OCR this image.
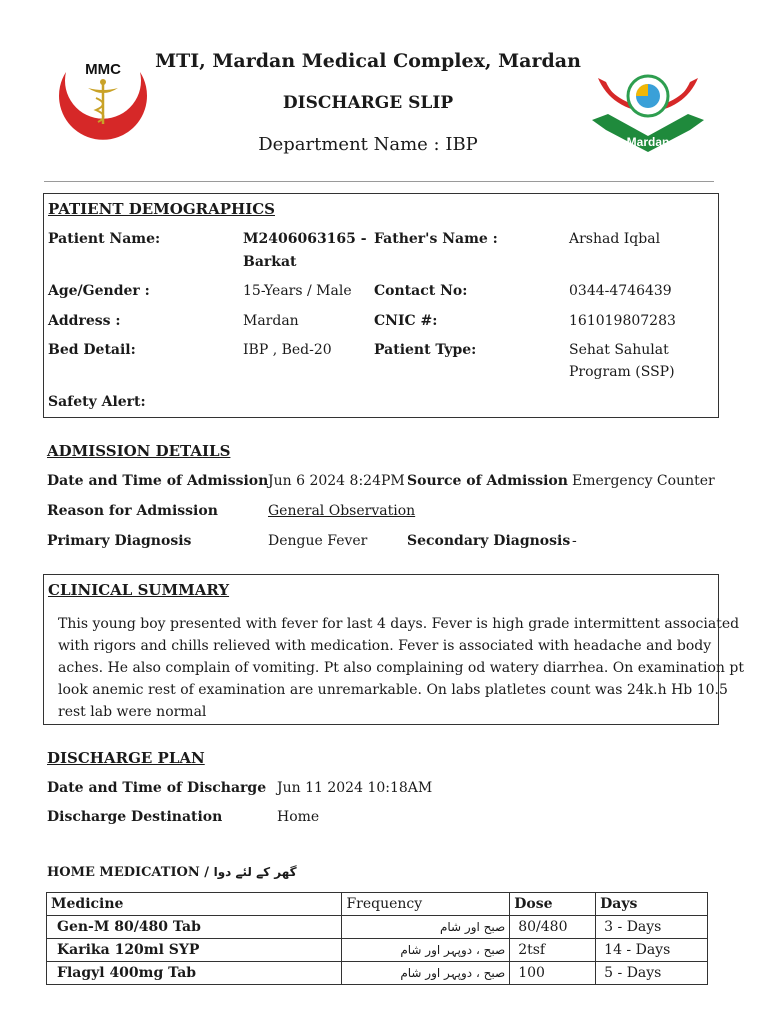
MMC	MTI, Mardan Medical Complex, Mardan
DISCHARGE SLIP
Department Name : IBP	Mardan
PATIENT DEMOGRAPHICS
Patient Name:	M2406063165 -
Barkat
Father's Name :	Arshad Iqbal
Age/Gender :	15-Years / Male Contact No:	0344-4746439
Address :	Mardan	CNIC #:	161019807283
Bed Detail:	IBP , Bed-20	Patient Type:	Sehat Sahulat
Program (SSP)
Safety Alert:
ADMISSION DETAILS
Date and Time of Admission Jun 6 2024 8:24PM Source of Admission Emergency Counter
Reason for Admission	General Observation
Primary Diagnosis	Dengue Fever	Secondary Diagnosis -
CLINICAL SUMMARY
This young boy presented with fever for last 4 days. Fever is high grade intermittent associated
with rigors and chills relieved with medication. Fever is associated with headache and body
aches. He also complain of vomiting. Pt also complaining od watery diarrhea. On examination pt
look anemic rest of examination are unremarkable. On labs platletes count was 24k.h Hb 10.5
rest lab were normal
DISCHARGE PLAN
Date and Time of Discharge Jun 11 2024 10:18AM
Discharge Destination	Home
HOME MEDICATION / گھر کے لئے دوا
Medicine	Frequency	Dose	Days
Gen-M 80/480 Tab	صبح اور شام	80/480	3 - Days
Karika 120ml SYP	صبح ، دوپہر اور شام	2tsf	14 - Days
Flagyl 400mg Tab	صبح ، دوپہر اور شام	100	5 - Days
